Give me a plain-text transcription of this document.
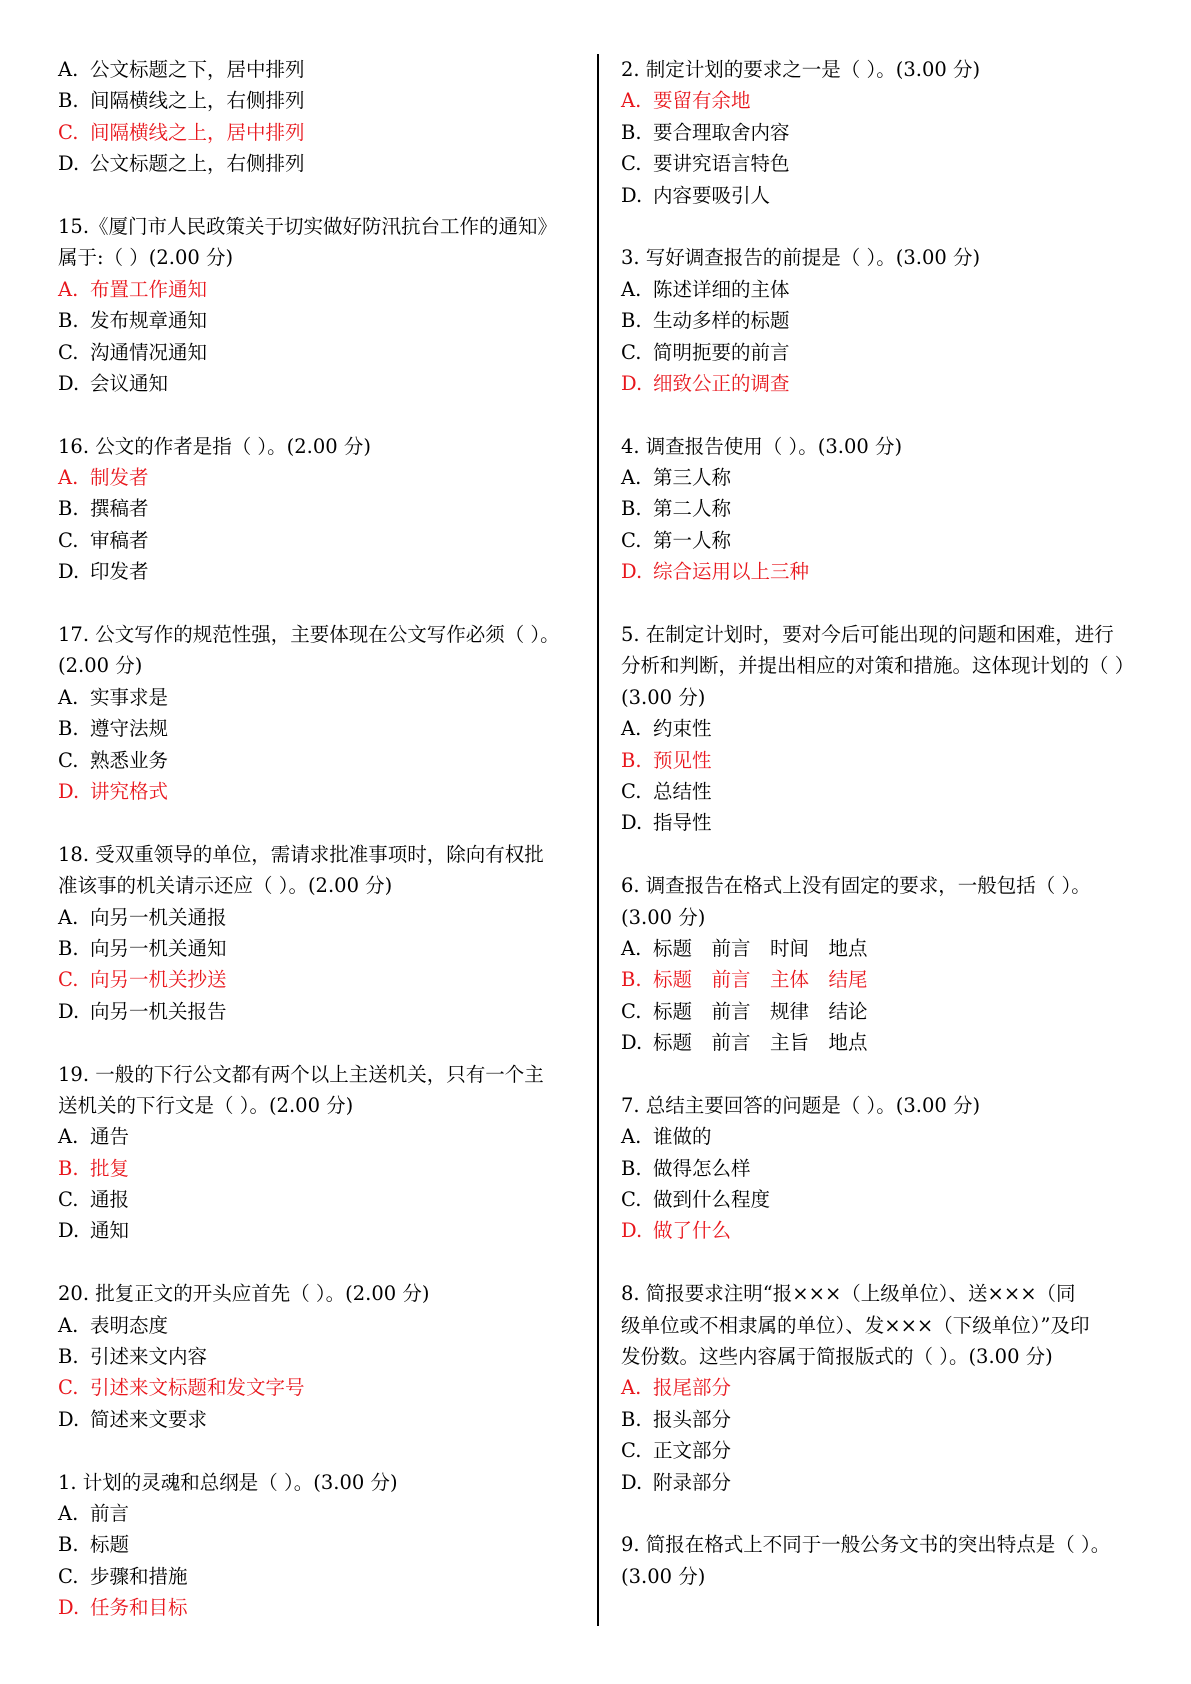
A. 公文标题之下，居中排列
B. 间隔横线之上，右侧排列
C. 间隔横线之上，居中排列
D. 公文标题之上，右侧排列
15.《厦门市人民政策关于切实做好防汛抗台工作的通知》
属于:（ ）(2.00 分)
A. 布置工作通知
B. 发布规章通知
C. 沟通情况通知
D. 会议通知
16. 公文的作者是指（ ）。(2.00 分)
A. 制发者
B. 撰稿者
C. 审稿者
D. 印发者
17. 公文写作的规范性强，主要体现在公文写作必须（ ）。
(2.00 分)
A. 实事求是
B. 遵守法规
C. 熟悉业务
D. 讲究格式
18. 受双重领导的单位，需请求批准事项时，除向有权批
准该事的机关请示还应（ ）。(2.00 分)
A. 向另一机关通报
B. 向另一机关通知
C. 向另一机关抄送
D. 向另一机关报告
19. 一般的下行公文都有两个以上主送机关，只有一个主
送机关的下行文是（ ）。(2.00 分)
A. 通告
B. 批复
C. 通报
D. 通知
20. 批复正文的开头应首先（ ）。(2.00 分)
A. 表明态度
B. 引述来文内容
C. 引述来文标题和发文字号
D. 简述来文要求
1. 计划的灵魂和总纲是（ ）。(3.00 分)
A. 前言
B. 标题
C. 步骤和措施
D. 任务和目标
2. 制定计划的要求之一是（ ）。(3.00 分)
A. 要留有余地
B. 要合理取舍内容
C. 要讲究语言特色
D. 内容要吸引人
3. 写好调查报告的前提是（ ）。(3.00 分)
A. 陈述详细的主体
B. 生动多样的标题
C. 简明扼要的前言
D. 细致公正的调查
4. 调查报告使用（ ）。(3.00 分)
A. 第三人称
B. 第二人称
C. 第一人称
D. 综合运用以上三种
5. 在制定计划时，要对今后可能出现的问题和困难，进行
分析和判断，并提出相应的对策和措施。这体现计划的（ ）
(3.00 分)
A. 约束性
B. 预见性
C. 总结性
D. 指导性
6. 调查报告在格式上没有固定的要求，一般包括（ ）。
(3.00 分)
A. 标题　前言　时间　地点
B. 标题　前言　主体　结尾
C. 标题　前言　规律　结论
D. 标题　前言　主旨　地点
7. 总结主要回答的问题是（ ）。(3.00 分)
A. 谁做的
B. 做得怎么样
C. 做到什么程度
D. 做了什么
8. 简报要求注明“报×××（上级单位）、送×××（同
级单位或不相隶属的单位）、发×××（下级单位）”及印
发份数。这些内容属于简报版式的（ ）。(3.00 分)
A. 报尾部分
B. 报头部分
C. 正文部分
D. 附录部分
9. 简报在格式上不同于一般公务文书的突出特点是（ ）。
(3.00 分)
